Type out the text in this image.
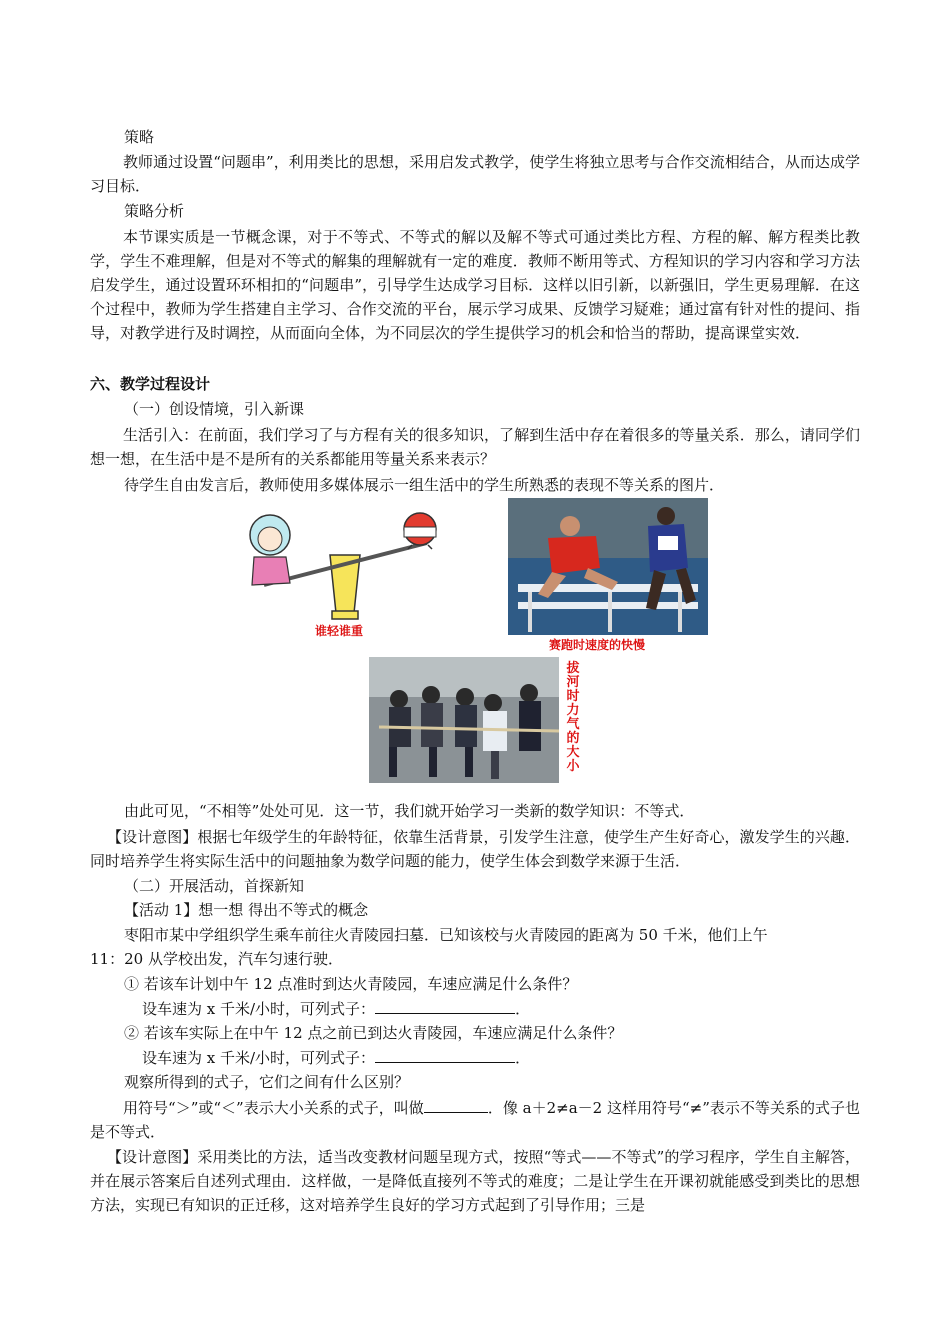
策略

教师通过设置“问题串”，利用类比的思想，采用启发式教学，使学生将独立思考与合作交流相结合，从而达成学习目标．

策略分析

本节课实质是一节概念课，对于不等式、不等式的解以及解不等式可通过类比方程、方程的解、解方程类比教学，学生不难理解，但是对不等式的解集的理解就有一定的难度．教师不断用等式、方程知识的学习内容和学习方法启发学生，通过设置环环相扣的“问题串”，引导学生达成学习目标．这样以旧引新，以新强旧，学生更易理解．在这个过程中，教师为学生搭建自主学习、合作交流的平台，展示学习成果、反馈学习疑难；通过富有针对性的提问、指导，对教学进行及时调控，从而面向全体，为不同层次的学生提供学习的机会和恰当的帮助，提高课堂实效．

六、教学过程设计

（一）创设情境，引入新课

生活引入：在前面，我们学习了与方程有关的很多知识，了解到生活中存在着很多的等量关系．那么，请同学们想一想，在生活中是不是所有的关系都能用等量关系来表示？

待学生自由发言后，教师使用多媒体展示一组生活中的学生所熟悉的表现不等关系的图片．

谁轻谁重
赛跑时速度的快慢
拔河时力气的大小

由此可见，“不相等”处处可见．这一节，我们就开始学习一类新的数学知识：不等式．

【设计意图】根据七年级学生的年龄特征，依靠生活背景，引发学生注意，使学生产生好奇心，激发学生的兴趣．同时培养学生将实际生活中的问题抽象为数学问题的能力，使学生体会到数学来源于生活．

（二）开展活动，首探新知

【活动 1】想一想 得出不等式的概念

枣阳市某中学组织学生乘车前往火青陵园扫墓．已知该校与火青陵园的距离为 50 千米，他们上午

11：20 从学校出发，汽车匀速行驶．

① 若该车计划中午 12 点准时到达火青陵园，车速应满足什么条件？

设车速为 x 千米/小时，可列式子：	．

② 若该车实际上在中午 12 点之前已到达火青陵园，车速应满足什么条件？

设车速为 x 千米/小时，可列式子：	．

观察所得到的式子，它们之间有什么区别？

用符号“＞”或“＜”表示大小关系的式子，叫做	．像 a＋2≠a－2 这样用符号“≠”表示不等关系的式子也是不等式．

【设计意图】采用类比的方法，适当改变教材问题呈现方式，按照“等式——不等式”的学习程序，学生自主解答，并在展示答案后自述列式理由．这样做，一是降低直接列不等式的难度；二是让学生在开课初就能感受到类比的思想方法，实现已有知识的正迁移，这对培养学生良好的学习方式起到了引导作用；三是
